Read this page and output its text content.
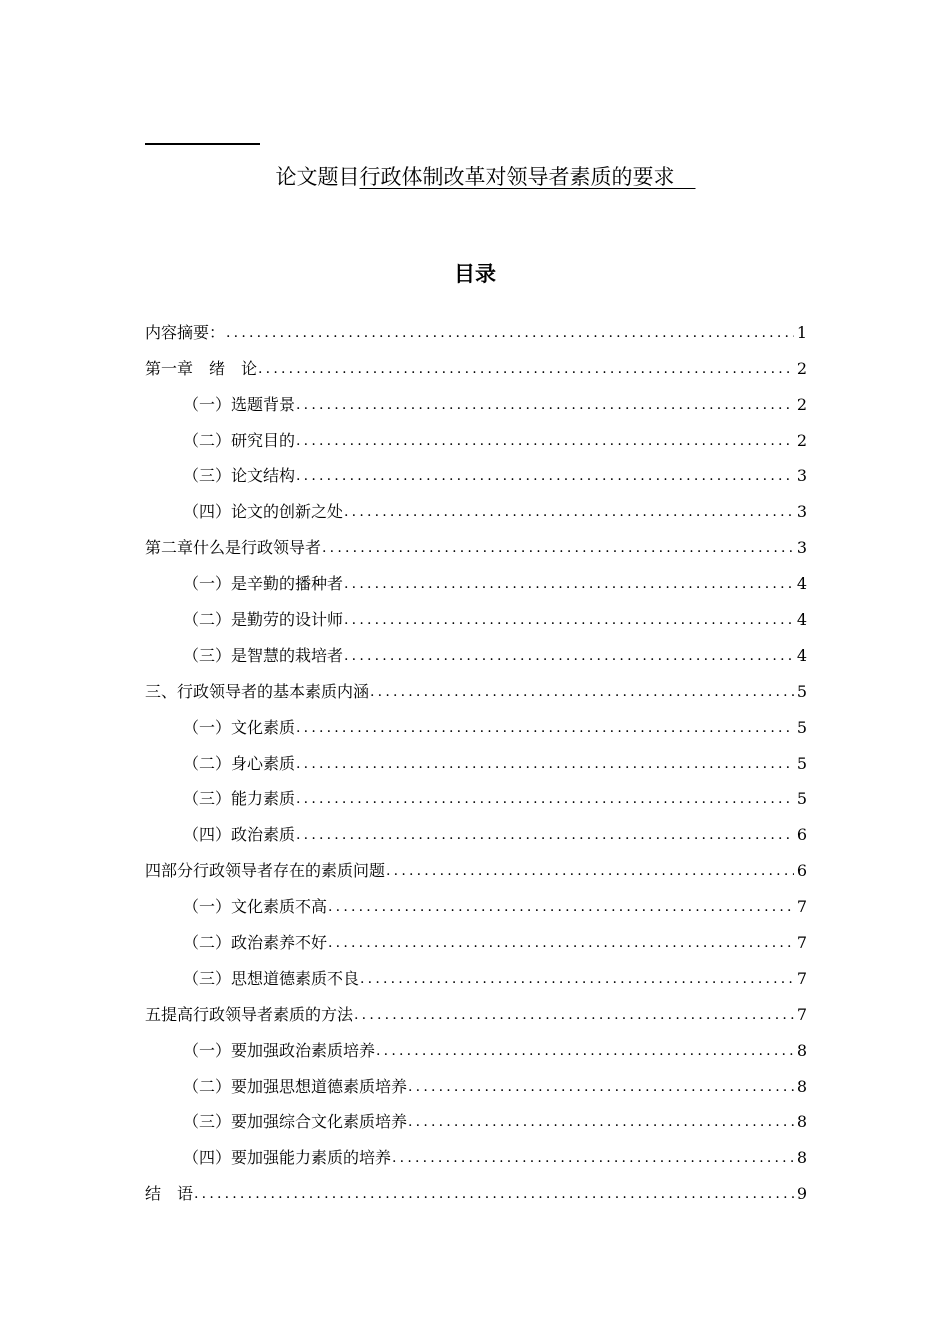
论文题目行政体制改革对领导者素质的要求　
目录
内容摘要： .....	1
第一章　绪　论 .....	2
（一）选题背景 .....	2
（二）研究目的 .....	2
（三）论文结构 .....	3
（四）论文的创新之处 .....	3
第二章什么是行政领导者 .....	3
（一）是辛勤的播种者 .....	4
（二）是勤劳的设计师 .....	4
（三）是智慧的栽培者 .....	4
三、行政领导者的基本素质内涵 .....	5
（一）文化素质 .....	5
（二）身心素质 .....	5
（三）能力素质 .....	5
（四）政治素质 .....	6
四部分行政领导者存在的素质问题 .....	6
（一）文化素质不高 .....	7
（二）政治素养不好 .....	7
（三）思想道德素质不良 .....	7
五提高行政领导者素质的方法 .....	7
（一）要加强政治素质培养 .....	8
（二）要加强思想道德素质培养 .....	8
（三）要加强综合文化素质培养 .....	8
（四）要加强能力素质的培养 .....	8
结　语 .....	9
